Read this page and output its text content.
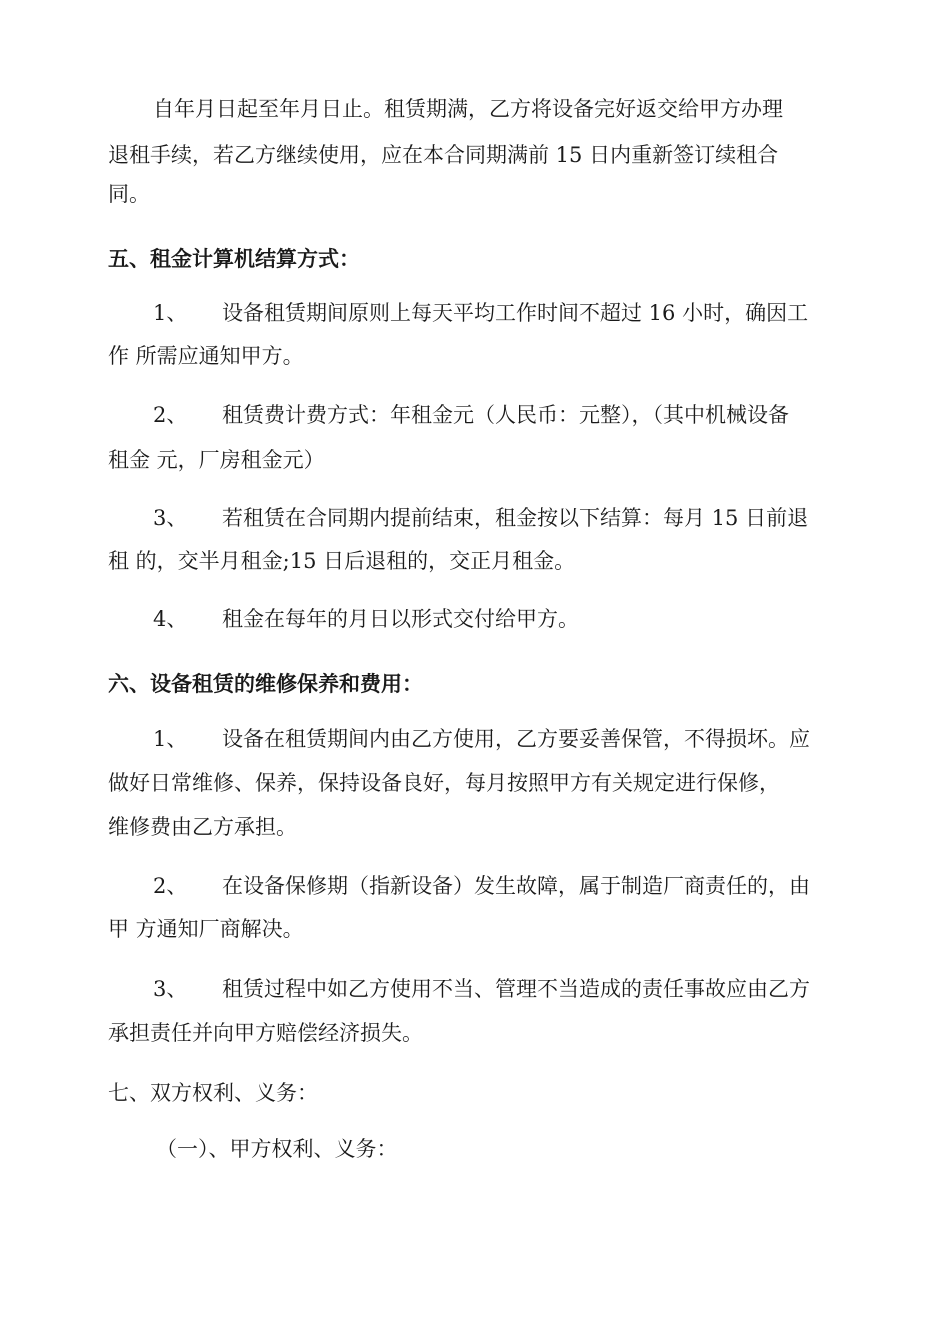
自年月日起至年月日止。租赁期满，乙方将设备完好返交给甲方办理
退租手续，若乙方继续使用，应在本合同期满前 15 日内重新签订续租合
同。
五、租金计算机结算方式：
1、 设备租赁期间原则上每天平均工作时间不超过 16 小时，确因工
作 所需应通知甲方。
2、 租赁费计费方式：年租金元（人民币：元整），（其中机械设备
租金 元，厂房租金元）
3、 若租赁在合同期内提前结束，租金按以下结算：每月 15 日前退
租 的，交半月租金;15 日后退租的，交正月租金。
4、 租金在每年的月日以形式交付给甲方。
六、设备租赁的维修保养和费用：
1、 设备在租赁期间内由乙方使用，乙方要妥善保管，不得损坏。应
做好日常维修、保养，保持设备良好，每月按照甲方有关规定进行保修，
维修费由乙方承担。
2、 在设备保修期（指新设备）发生故障，属于制造厂商责任的，由
甲 方通知厂商解决。
3、 租赁过程中如乙方使用不当、管理不当造成的责任事故应由乙方
承担责任并向甲方赔偿经济损失。
七、双方权利、义务：
（一）、甲方权利、义务：
